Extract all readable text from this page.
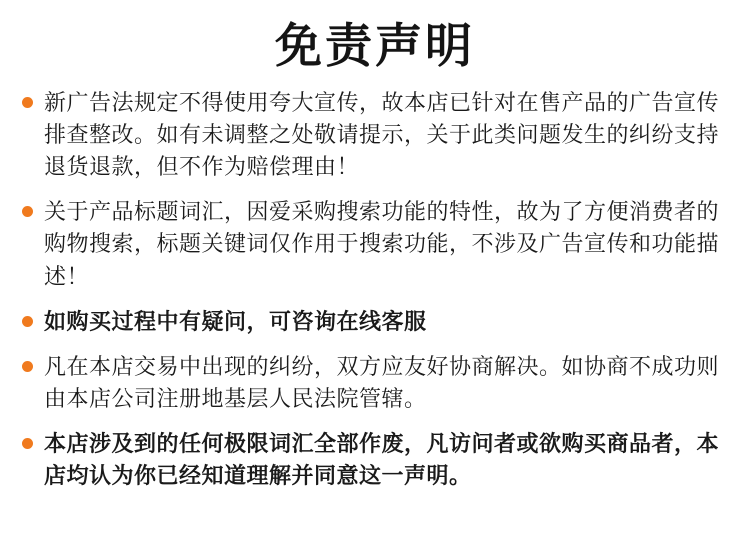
免责声明
新广告法规定不得使用夸大宣传，故本店已针对在售产品的广告宣传排查整改。如有未调整之处敬请提示，关于此类问题发生的纠纷支持退货退款，但不作为赔偿理由！
关于产品标题词汇，因爱采购搜索功能的特性，故为了方便消费者的购物搜索，标题关键词仅作用于搜索功能，不涉及广告宣传和功能描述！
如购买过程中有疑问，可咨询在线客服
凡在本店交易中出现的纠纷，双方应友好协商解决。如协商不成功则由本店公司注册地基层人民法院管辖。
本店涉及到的任何极限词汇全部作废，凡访问者或欲购买商品者，本店均认为你已经知道理解并同意这一声明。
